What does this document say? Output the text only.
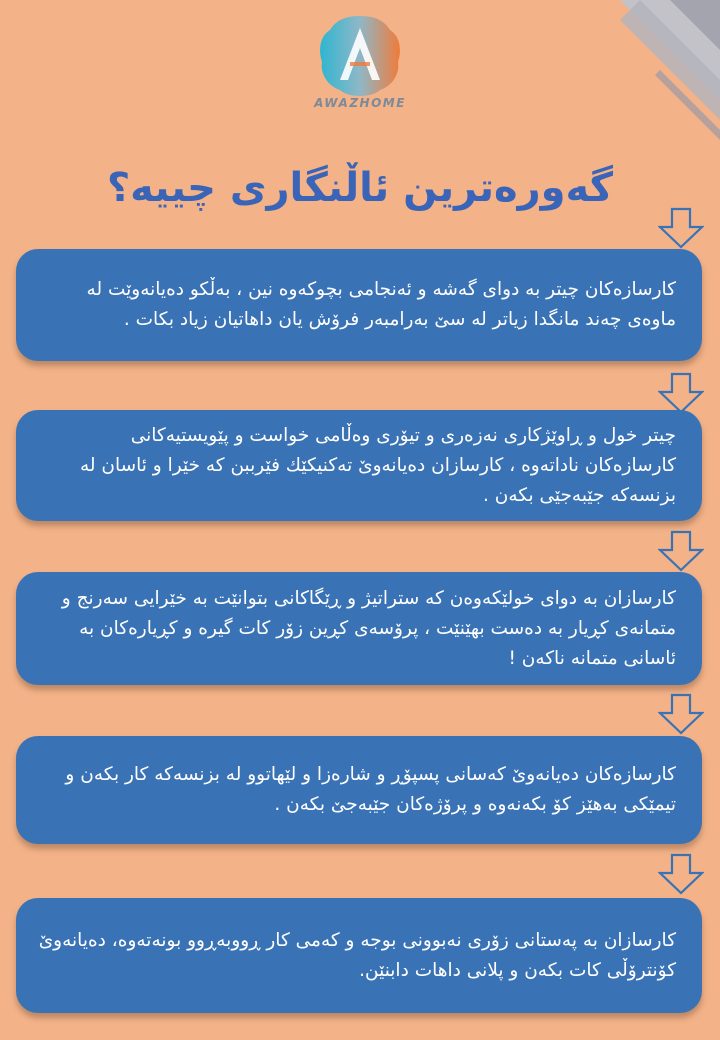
AWAZHOME
گەورەترین ئاڵنگاری چییە؟

کارسازەکان چیتر بە دوای گەشە و ئەنجامی بچوکەوە نین ، بەڵکو دەیانەوێت لە ماوەی چەند مانگدا زیاتر لە سێ بەرامبەر فرۆش یان داهاتیان زیاد بکات .

چیتر خول و ڕاوێژکاری نەزەری و تیۆری وەڵامی خواست و پێویستیەکانی کارسازەکان ناداتەوە ، کارسازان دەیانەوێ تەکنیکێك فێرببن کە خێرا و ئاسان لە بزنسەکە جێبەجێی بکەن .

کارسازان بە دوای خولێکەوەن کە ستراتیژ و ڕێگاکانی بتوانێت بە خێرایی سەرنج و متمانەی کڕیار بە دەست بهێنێت ، پرۆسەی کڕین زۆر کات گیرە و کڕیارەکان بە ئاسانی متمانە ناکەن !

کارسازەکان دەیانەوێ کەسانی پسپۆڕ و شارەزا و لێهاتوو لە بزنسەکە کار بکەن و تیمێکی بەهێز کۆ بکەنەوە و پرۆژەکان جێبەجێ بکەن .

کارسازان بە پەستانی زۆری نەبوونی بوجە و کەمی کار ڕووبەڕوو بونەتەوە، دەیانەوێ کۆنترۆڵی کات بکەن و پلانی داهات دابنێن.
